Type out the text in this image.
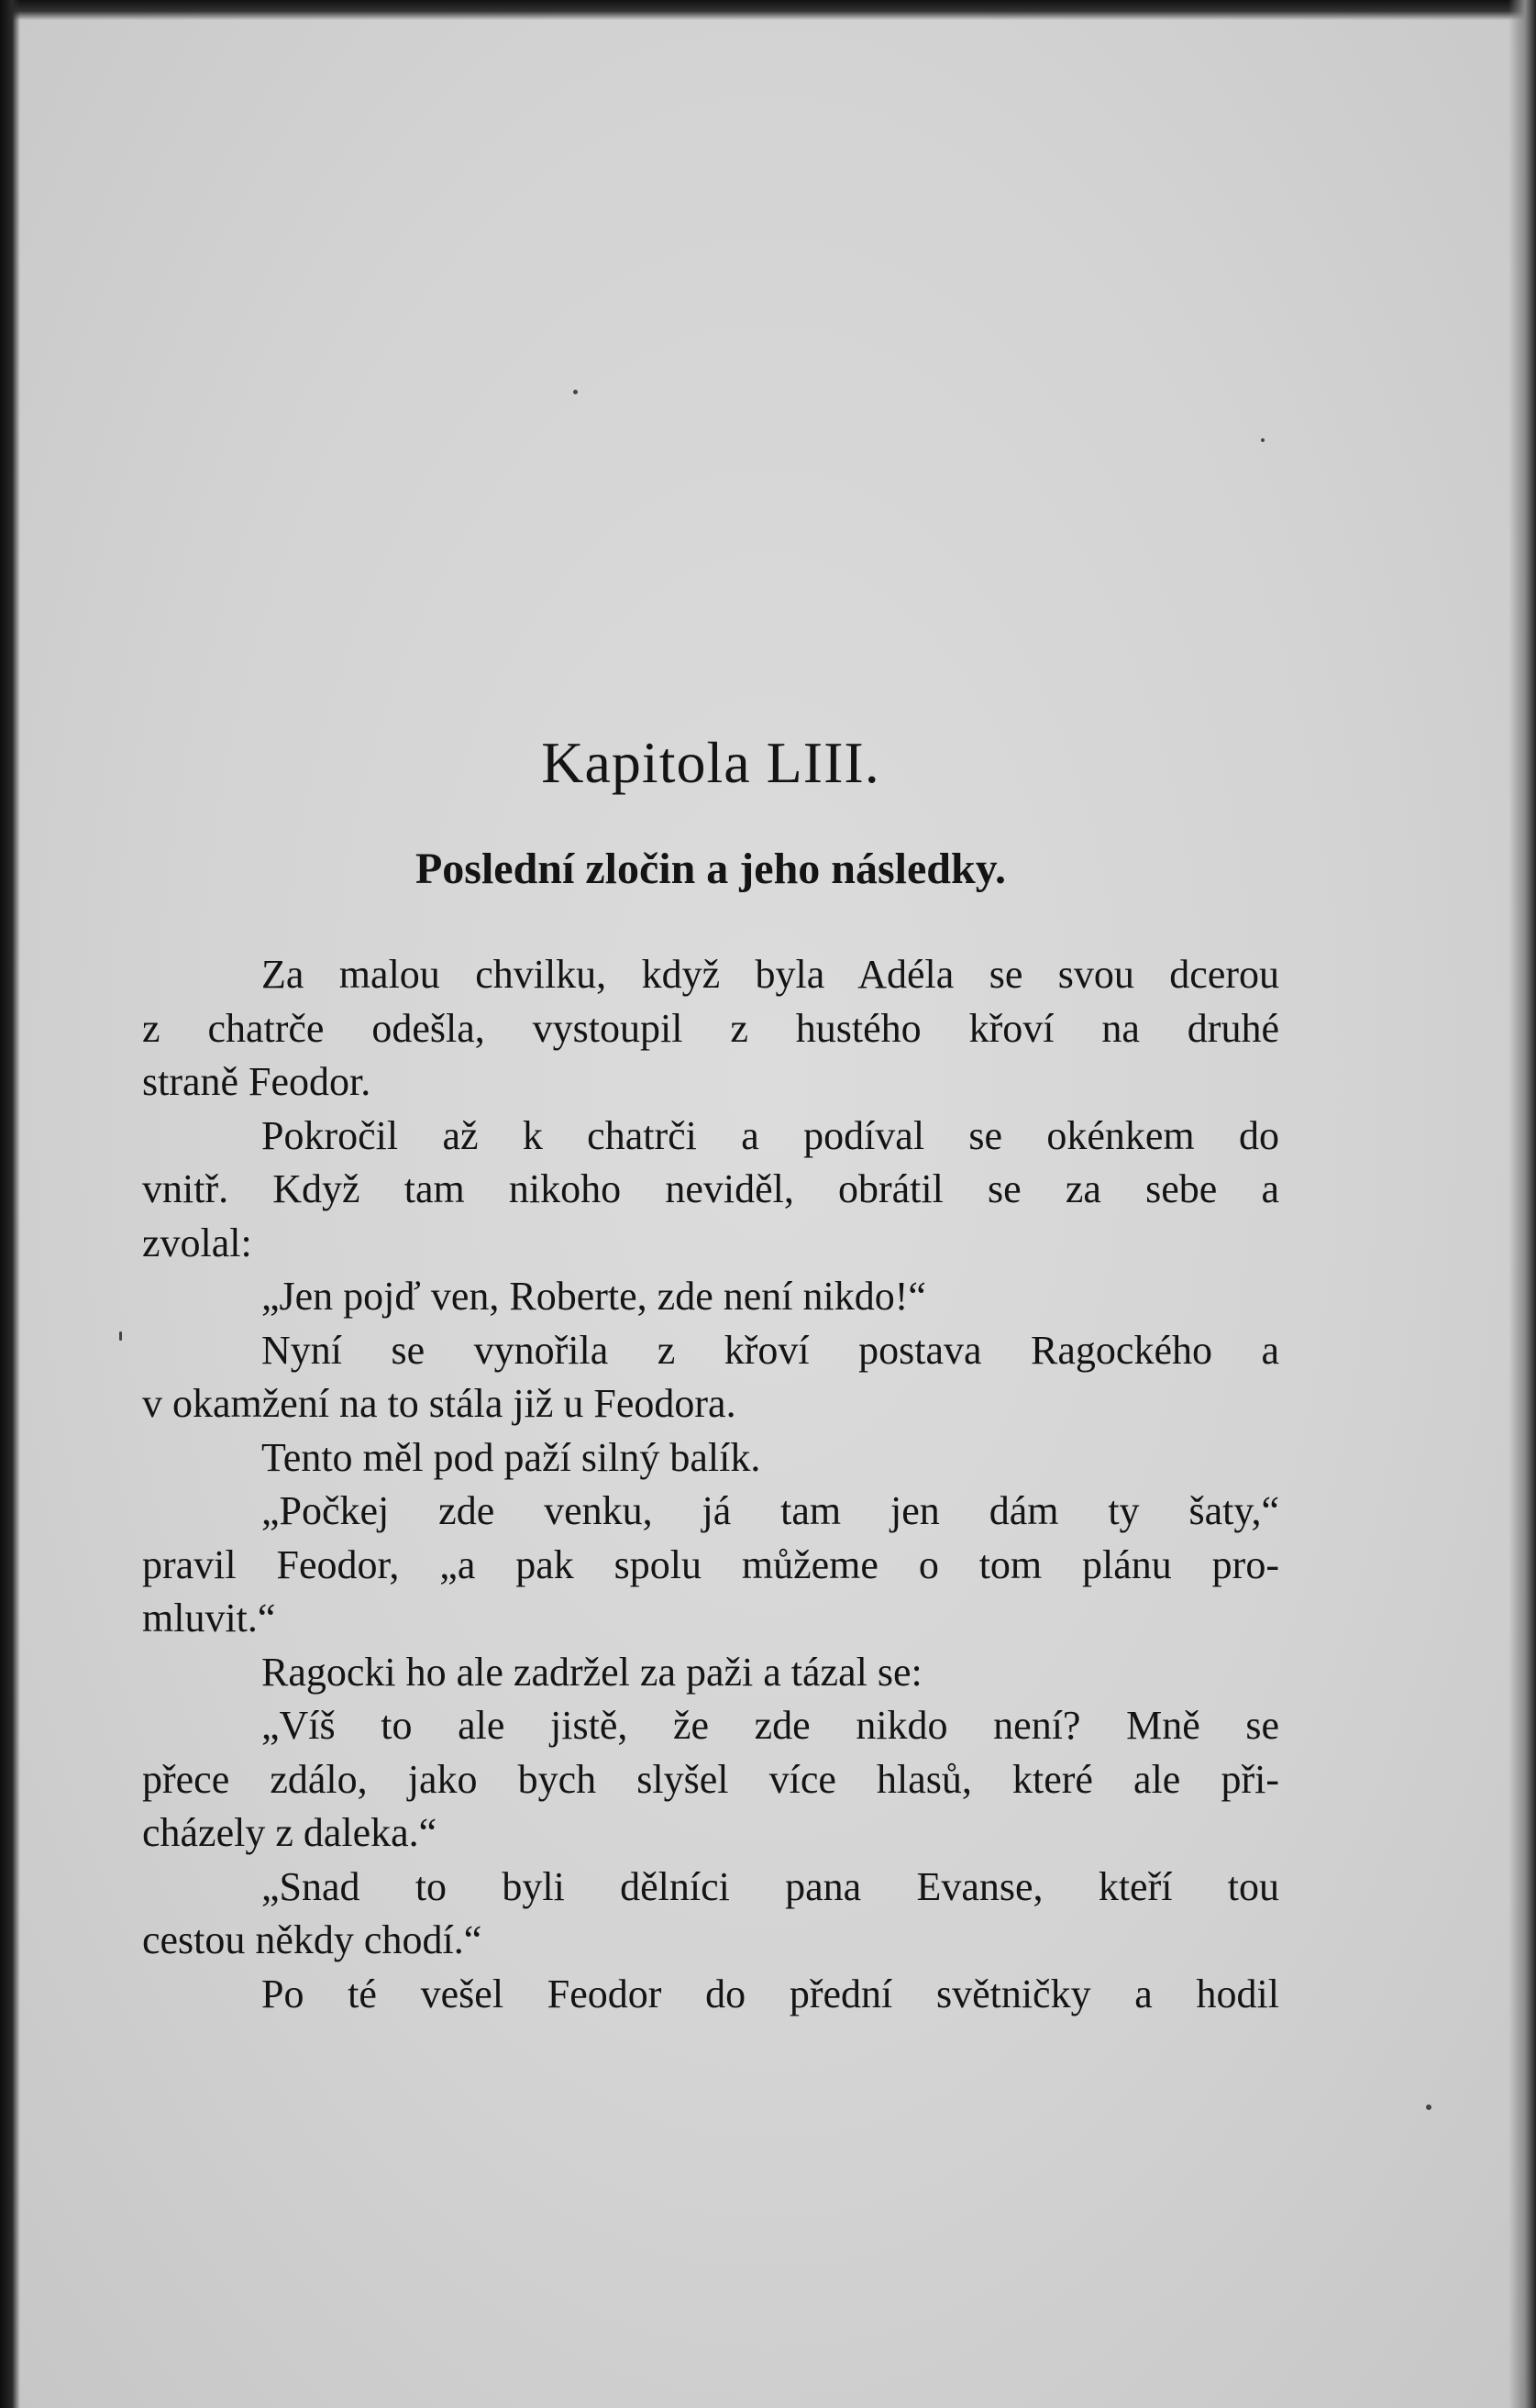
Kapitola LIII.
Poslední zločin a jeho následky.
Za malou chvilku, když byla Adéla se svou dcerou
z chatrče odešla, vystoupil z hustého křoví na druhé
straně Feodor.
Pokročil až k chatrči a podíval se okénkem do
vnitř. Když tam nikoho neviděl, obrátil se za sebe a
zvolal:
„Jen pojď ven, Roberte, zde není nikdo!“
Nyní se vynořila z křoví postava Ragockého a
v okamžení na to stála již u Feodora.
Tento měl pod paží silný balík.
„Počkej zde venku, já tam jen dám ty šaty,“
pravil Feodor, „a pak spolu můžeme o tom plánu pro-
mluvit.“
Ragocki ho ale zadržel za paži a tázal se:
„Víš to ale jistě, že zde nikdo není? Mně se
přece zdálo, jako bych slyšel více hlasů, které ale při-
cházely z daleka.“
„Snad to byli dělníci pana Evanse, kteří tou
cestou někdy chodí.“
Po té vešel Feodor do přední světničky a hodil
